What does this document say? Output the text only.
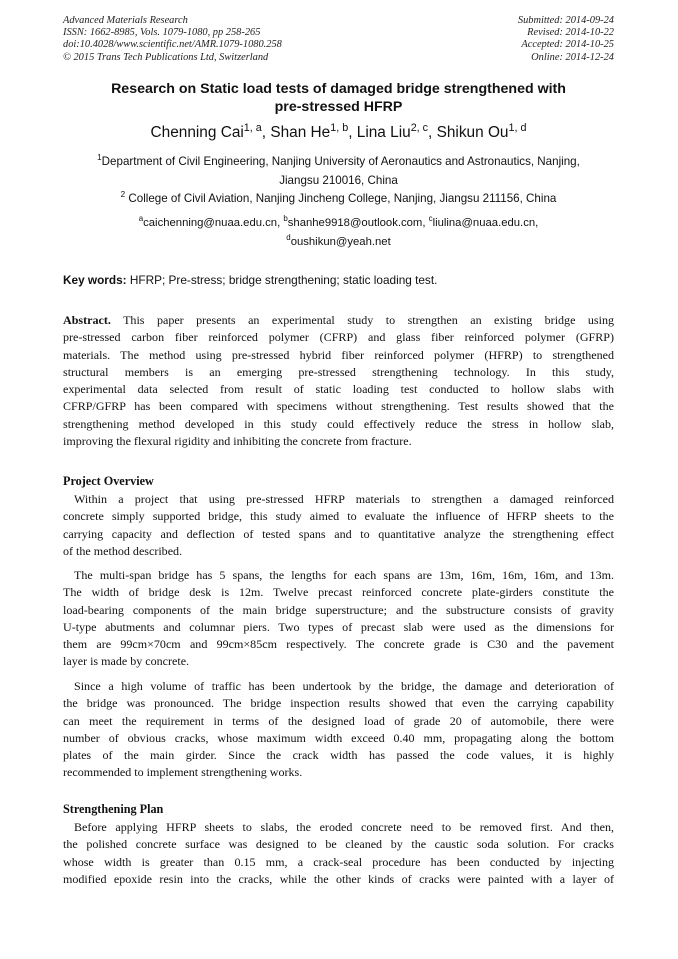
Advanced Materials Research
ISSN: 1662-8985, Vols. 1079-1080, pp 258-265
doi:10.4028/www.scientific.net/AMR.1079-1080.258
© 2015 Trans Tech Publications Ltd, Switzerland
Submitted: 2014-09-24
Revised: 2014-10-22
Accepted: 2014-10-25
Online: 2014-12-24
Research on Static load tests of damaged bridge strengthened with
pre-stressed HFRP
Chenning Cai$^{1, a}$, Shan He$^{1, b}$, Lina Liu$^{2, c}$, Shikun Ou$^{1, d}$
$^1$Department of Civil Engineering, Nanjing University of Aeronautics and Astronautics, Nanjing,
Jiangsu 210016, China
$^2$ College of Civil Aviation, Nanjing Jincheng College, Nanjing, Jiangsu 211156, China
$^a$caichenning@nuaa.edu.cn, $^b$shanhe9918@outlook.com, $^c$liulina@nuaa.edu.cn,
$^d$oushikun@yeah.net
Key words: HFRP; Pre-stress; bridge strengthening; static loading test.
Abstract. This paper presents an experimental study to strengthen an existing bridge using
pre-stressed carbon fiber reinforced polymer (CFRP) and glass fiber reinforced polymer (GFRP)
materials. The method using pre-stressed hybrid fiber reinforced polymer (HFRP) to strengthened
structural members is an emerging pre-stressed strengthening technology. In this study,
experimental data selected from result of static loading test conducted to hollow slabs with
CFRP/GFRP has been compared with specimens without strengthening. Test results showed that the
strengthening method developed in this study could effectively reduce the stress in hollow slab,
improving the flexural rigidity and inhibiting the concrete from fracture.
Project Overview
Within a project that using pre-stressed HFRP materials to strengthen a damaged reinforced
concrete simply supported bridge, this study aimed to evaluate the influence of HFRP sheets to the
carrying capacity and deflection of tested spans and to quantitative analyze the strengthening effect
of the method described.
The multi-span bridge has 5 spans, the lengths for each spans are 13m, 16m, 16m, 16m, and 13m.
The width of bridge desk is 12m. Twelve precast reinforced concrete plate-girders constitute the
load-bearing components of the main bridge superstructure; and the substructure consists of gravity
U-type abutments and columnar piers. Two types of precast slab were used as the dimensions for
them are 99cm×70cm and 99cm×85cm respectively. The concrete grade is C30 and the pavement
layer is made by concrete.
Since a high volume of traffic has been undertook by the bridge, the damage and deterioration of
the bridge was pronounced. The bridge inspection results showed that even the carrying capability
can meet the requirement in terms of the designed load of grade 20 of automobile, there were
number of obvious cracks, whose maximum width exceed 0.40 mm, propagating along the bottom
plates of the main girder. Since the crack width has passed the code values, it is highly
recommended to implement strengthening works.
Strengthening Plan
Before applying HFRP sheets to slabs, the eroded concrete need to be removed first. And then,
the polished concrete surface was designed to be cleaned by the caustic soda solution. For cracks
whose width is greater than 0.15 mm, a crack-seal procedure has been conducted by injecting
modified epoxide resin into the cracks, while the other kinds of cracks were painted with a layer of
